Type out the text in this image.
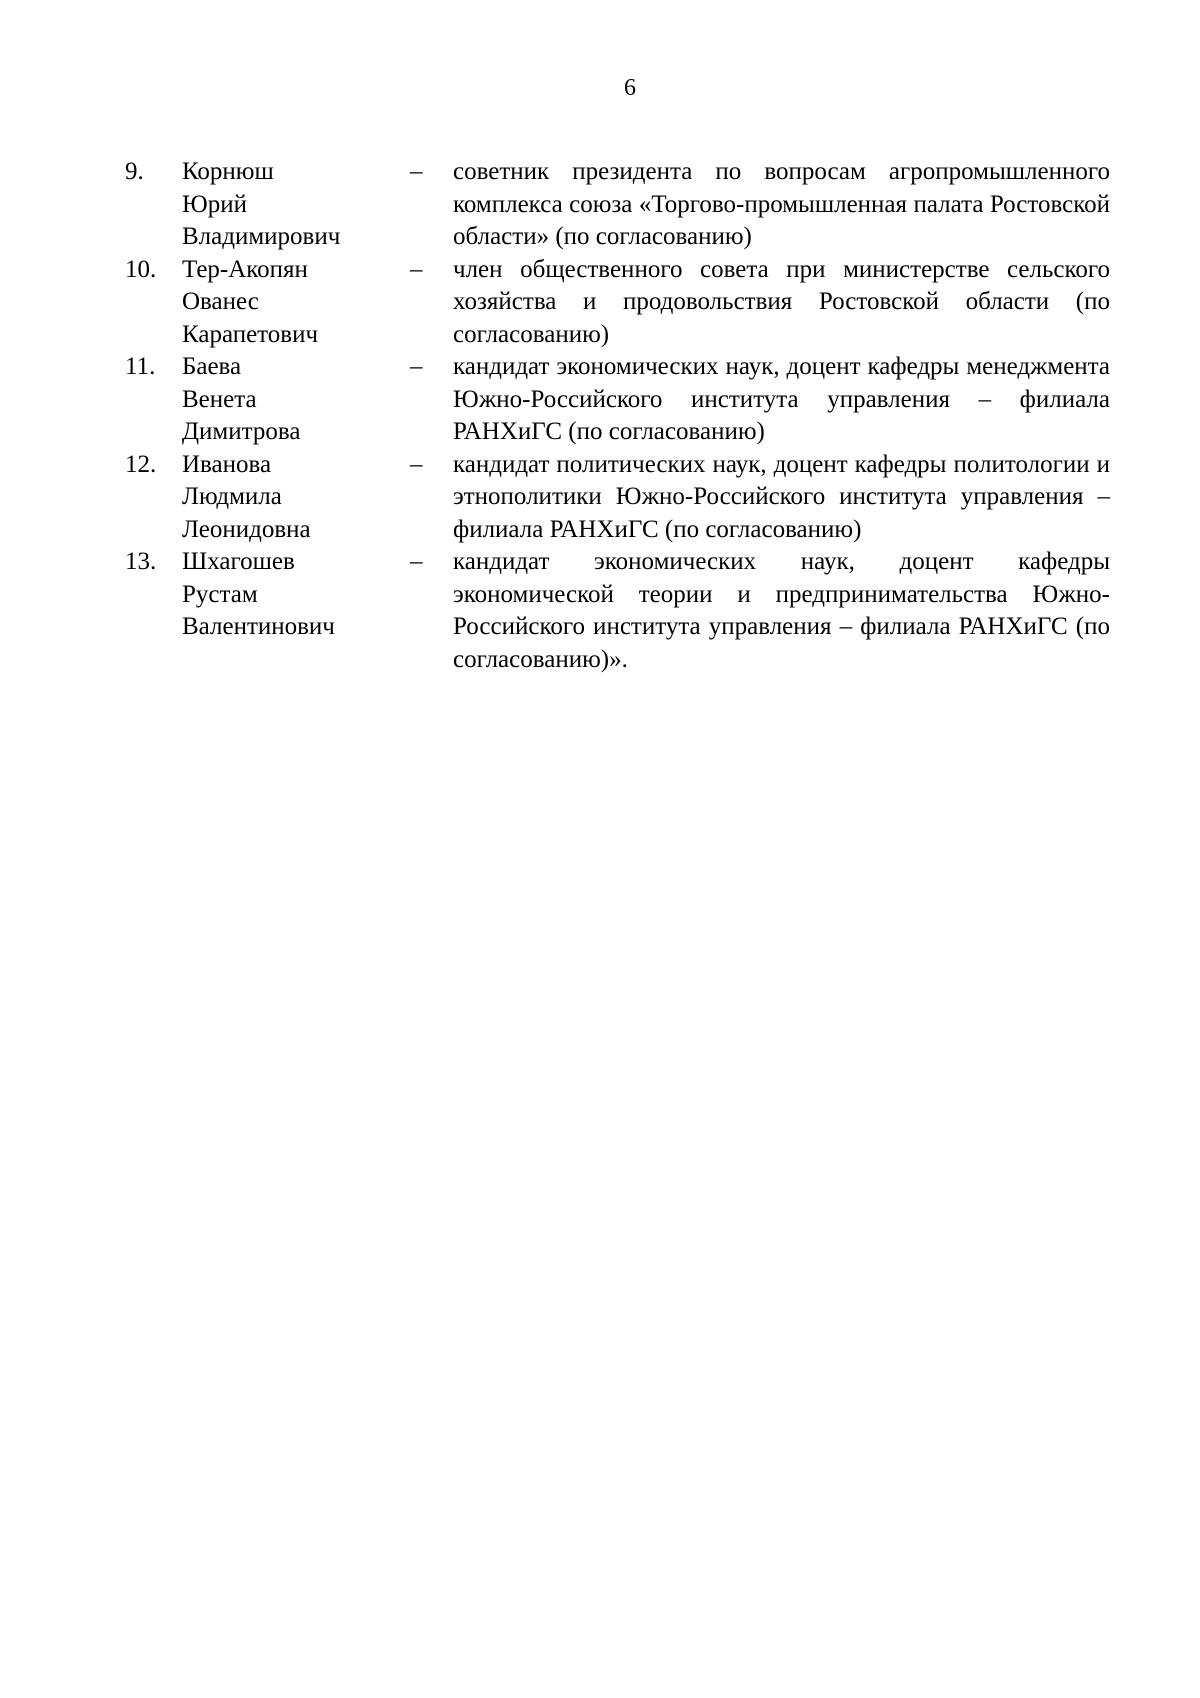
6
9.	Корнюш
Юрий
Владимирович
–	советник президента по вопросам агропромышленного комплекса союза «Торгово-промышленная палата Ростовской области» (по согласованию)
10.	Тер-Акопян
Ованес
Карапетович
–	член общественного совета при министерстве сельского хозяйства и продовольствия Ростовской области (по согласованию)
11.	Баева
Венета
Димитрова
–	кандидат экономических наук, доцент кафедры менеджмента Южно-Российского института управления – филиала РАНХиГС (по согласованию)
12.	Иванова
Людмила
Леонидовна
–	кандидат политических наук, доцент кафедры политологии и этнополитики Южно-Российского института управления – филиала РАНХиГС (по согласованию)
13.	Шхагошев
Рустам
Валентинович
–	кандидат экономических наук, доцент кафедры экономической теории и предпринимательства Южно-Российского института управления – филиала РАНХиГС (по согласованию)».
